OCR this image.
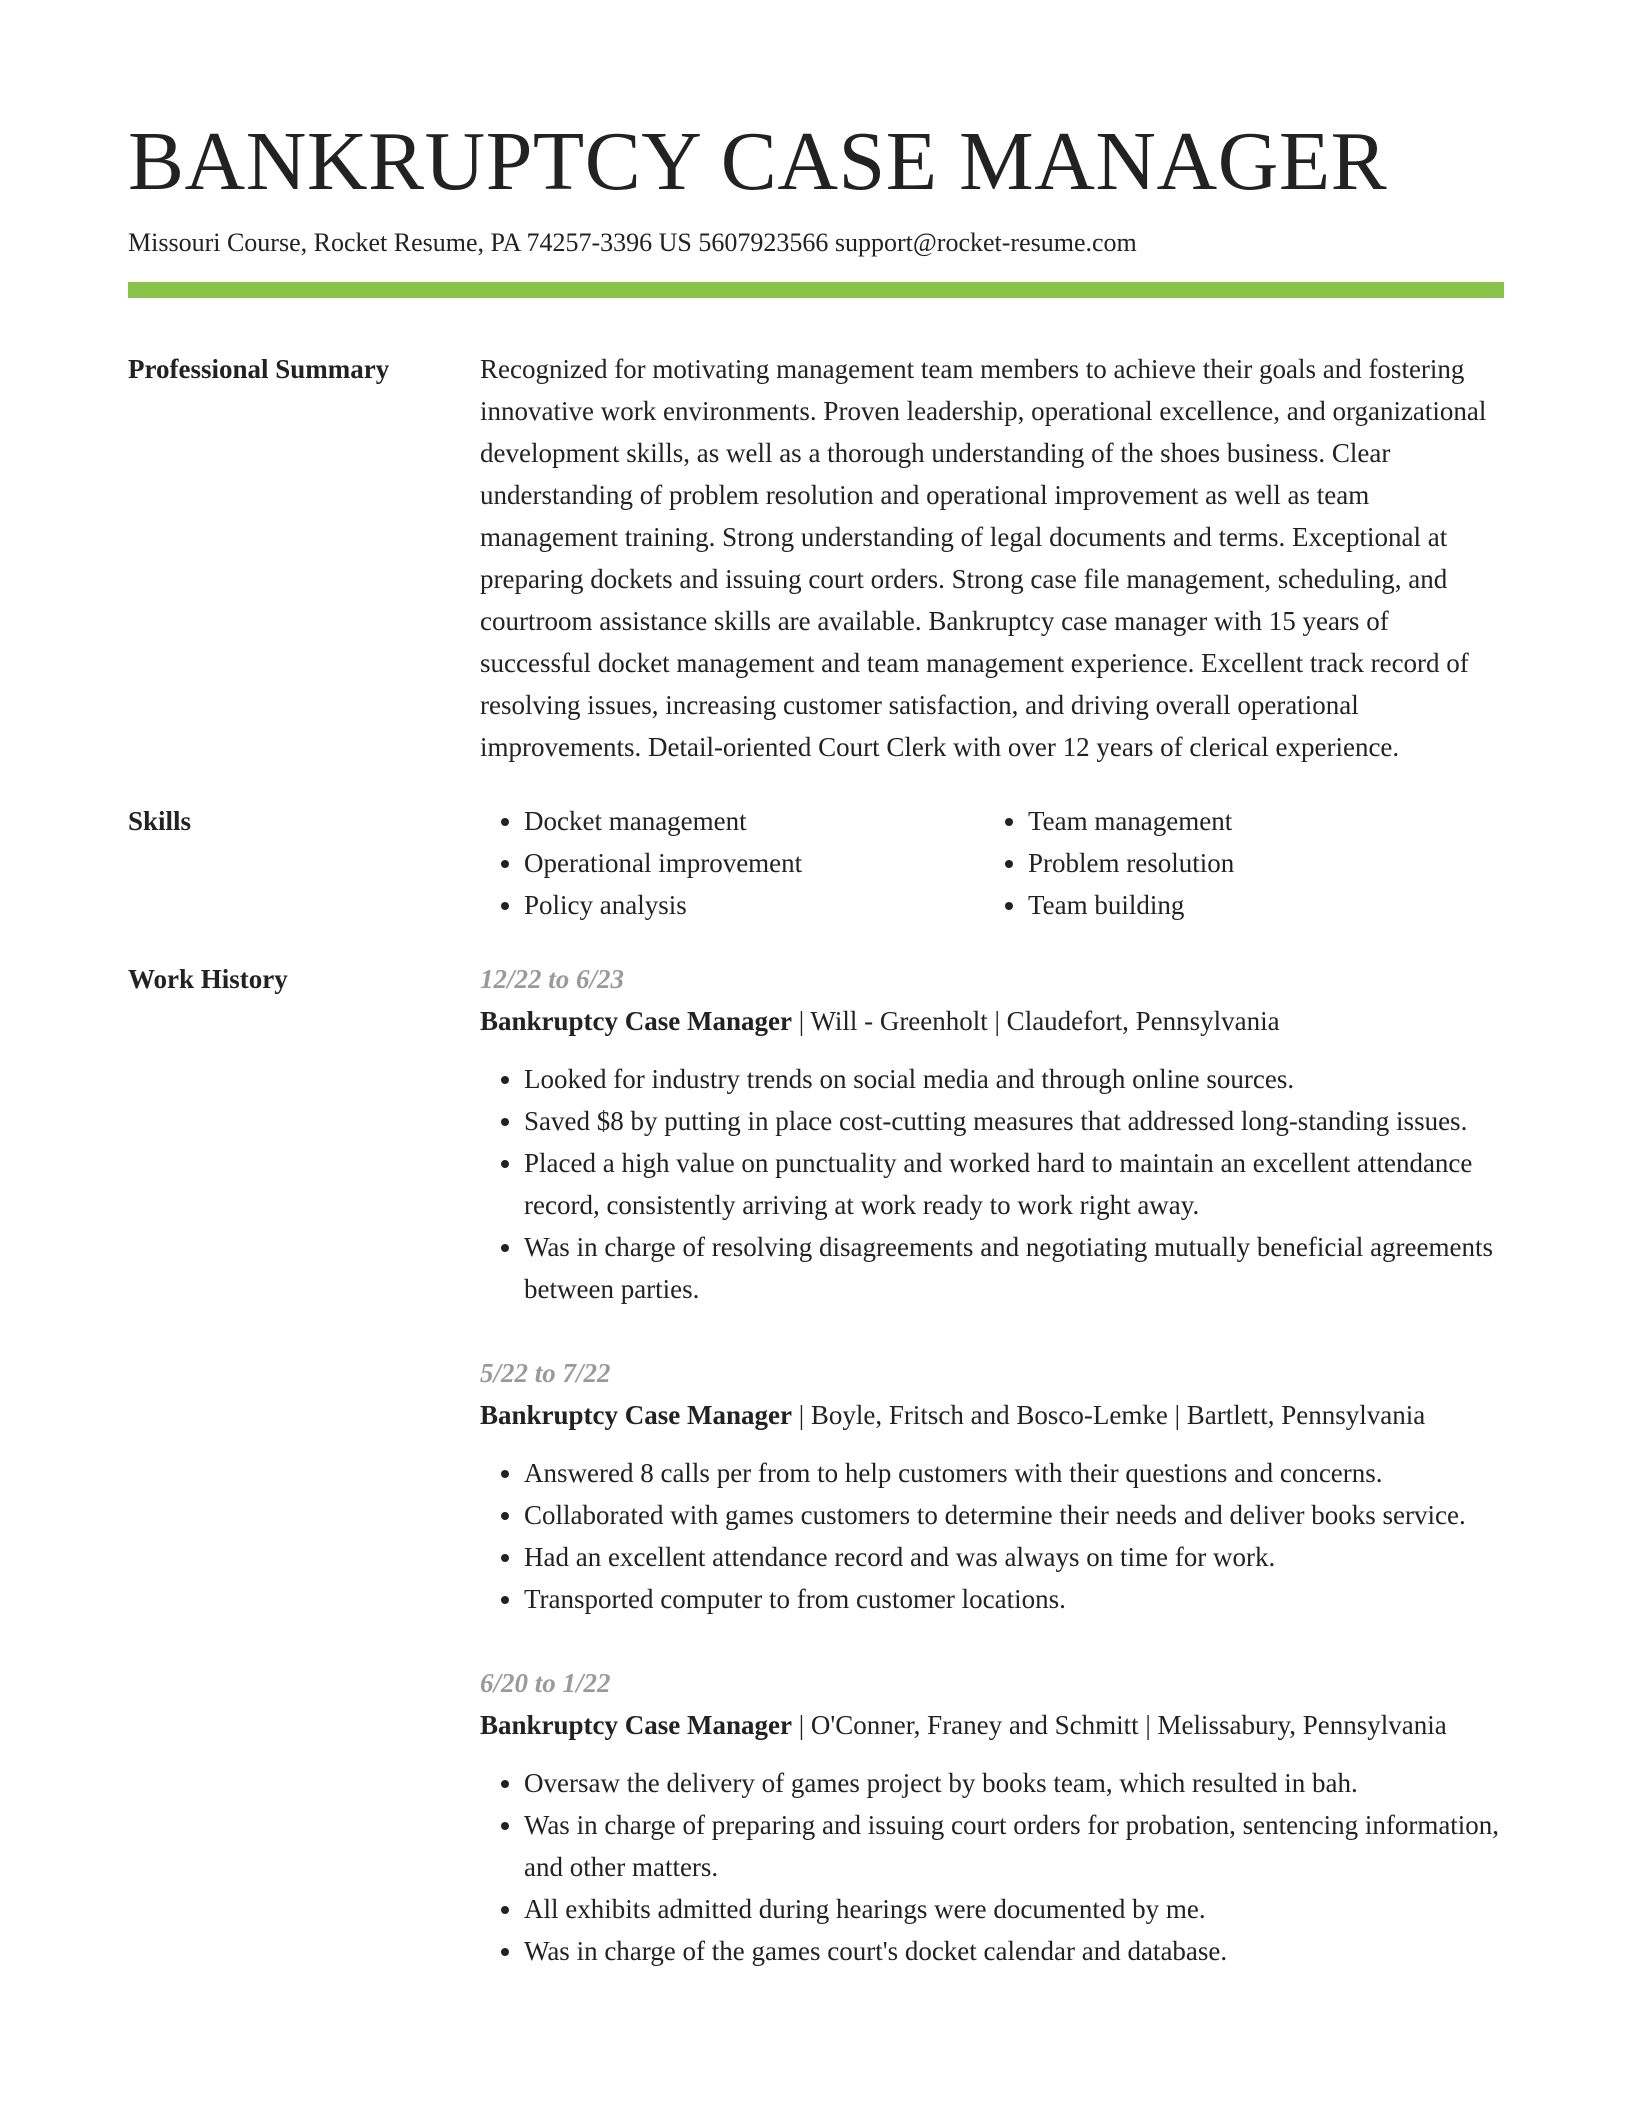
BANKRUPTCY CASE MANAGER
Missouri Course, Rocket Resume, PA 74257-3396 US 5607923566 support@rocket-resume.com
Professional Summary	Recognized for motivating management team members to achieve their goals and fostering innovative work environments. Proven leadership, operational excellence, and organizational development skills, as well as a thorough understanding of the shoes business. Clear understanding of problem resolution and operational improvement as well as team management training. Strong understanding of legal documents and terms. Exceptional at preparing dockets and issuing court orders. Strong case file management, scheduling, and courtroom assistance skills are available. Bankruptcy case manager with 15 years of successful docket management and team management experience. Excellent track record of resolving issues, increasing customer satisfaction, and driving overall operational improvements. Detail-oriented Court Clerk with over 12 years of clerical experience.
Skills
•	Docket management
• Operational improvement
• Policy analysis
• Team management
• Problem resolution
• Team building
Work History	12/22 to 6/23
Bankruptcy Case Manager | Will - Greenholt | Claudefort, Pennsylvania
• Looked for industry trends on social media and through online sources.
• Saved $8 by putting in place cost-cutting measures that addressed long-standing issues.
• Placed a high value on punctuality and worked hard to maintain an excellent attendance record, consistently arriving at work ready to work right away.
• Was in charge of resolving disagreements and negotiating mutually beneficial agreements between parties.
5/22 to 7/22
Bankruptcy Case Manager | Boyle, Fritsch and Bosco-Lemke | Bartlett, Pennsylvania
• Answered 8 calls per from to help customers with their questions and concerns.
• Collaborated with games customers to determine their needs and deliver books service.
• Had an excellent attendance record and was always on time for work.
• Transported computer to from customer locations.
6/20 to 1/22
Bankruptcy Case Manager | O'Conner, Franey and Schmitt | Melissabury, Pennsylvania
• Oversaw the delivery of games project by books team, which resulted in bah.
• Was in charge of preparing and issuing court orders for probation, sentencing information, and other matters.
• All exhibits admitted during hearings were documented by me.
• Was in charge of the games court's docket calendar and database.
